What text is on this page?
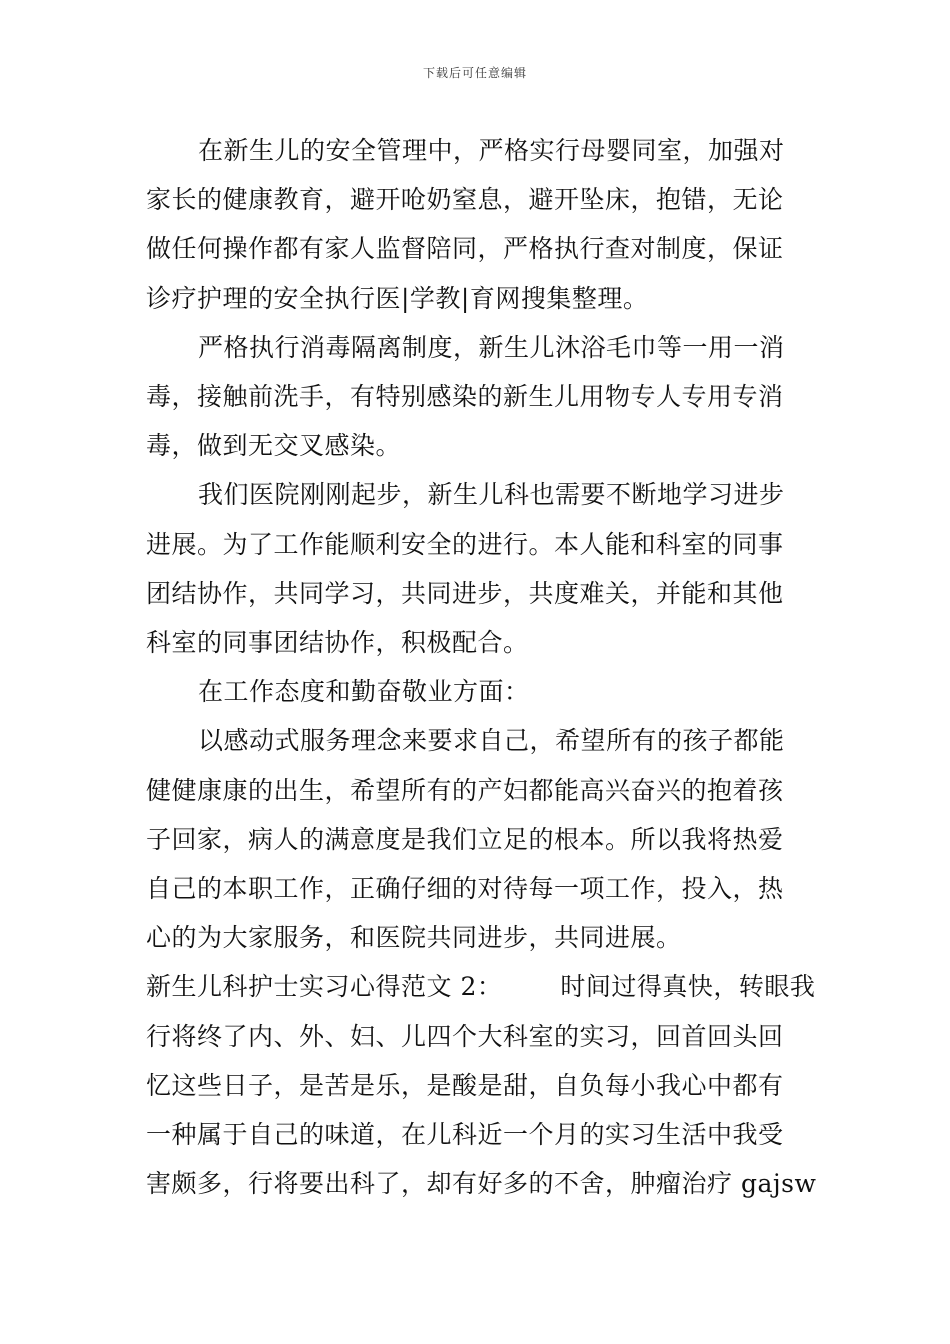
下载后可任意编辑
在新生儿的安全管理中，严格实行母婴同室，加强对
家长的健康教育，避开呛奶窒息，避开坠床，抱错，无论
做任何操作都有家人监督陪同，严格执行查对制度，保证
诊疗护理的安全执行医|学教|育网搜集整理。
严格执行消毒隔离制度，新生儿沐浴毛巾等一用一消
毒，接触前洗手，有特别感染的新生儿用物专人专用专消
毒，做到无交叉感染。
我们医院刚刚起步，新生儿科也需要不断地学习进步
进展。为了工作能顺利安全的进行。本人能和科室的同事
团结协作，共同学习，共同进步，共度难关，并能和其他
科室的同事团结协作，积极配合。
在工作态度和勤奋敬业方面：
以感动式服务理念来要求自己，希望所有的孩子都能
健健康康的出生，希望所有的产妇都能高兴奋兴的抱着孩
子回家，病人的满意度是我们立足的根本。所以我将热爱
自己的本职工作，正确仔细的对待每一项工作，投入，热
心的为大家服务，和医院共同进步，共同进展。
新生儿科护士实习心得范文 2： 时间过得真快，转眼我
行将终了内、外、妇、儿四个大科室的实习，回首回头回
忆这些日子，是苦是乐，是酸是甜，自负每小我心中都有
一种属于自己的味道，在儿科近一个月的实习生活中我受
害颇多，行将要出科了，却有好多的不舍，肿瘤治疗 gajsw
